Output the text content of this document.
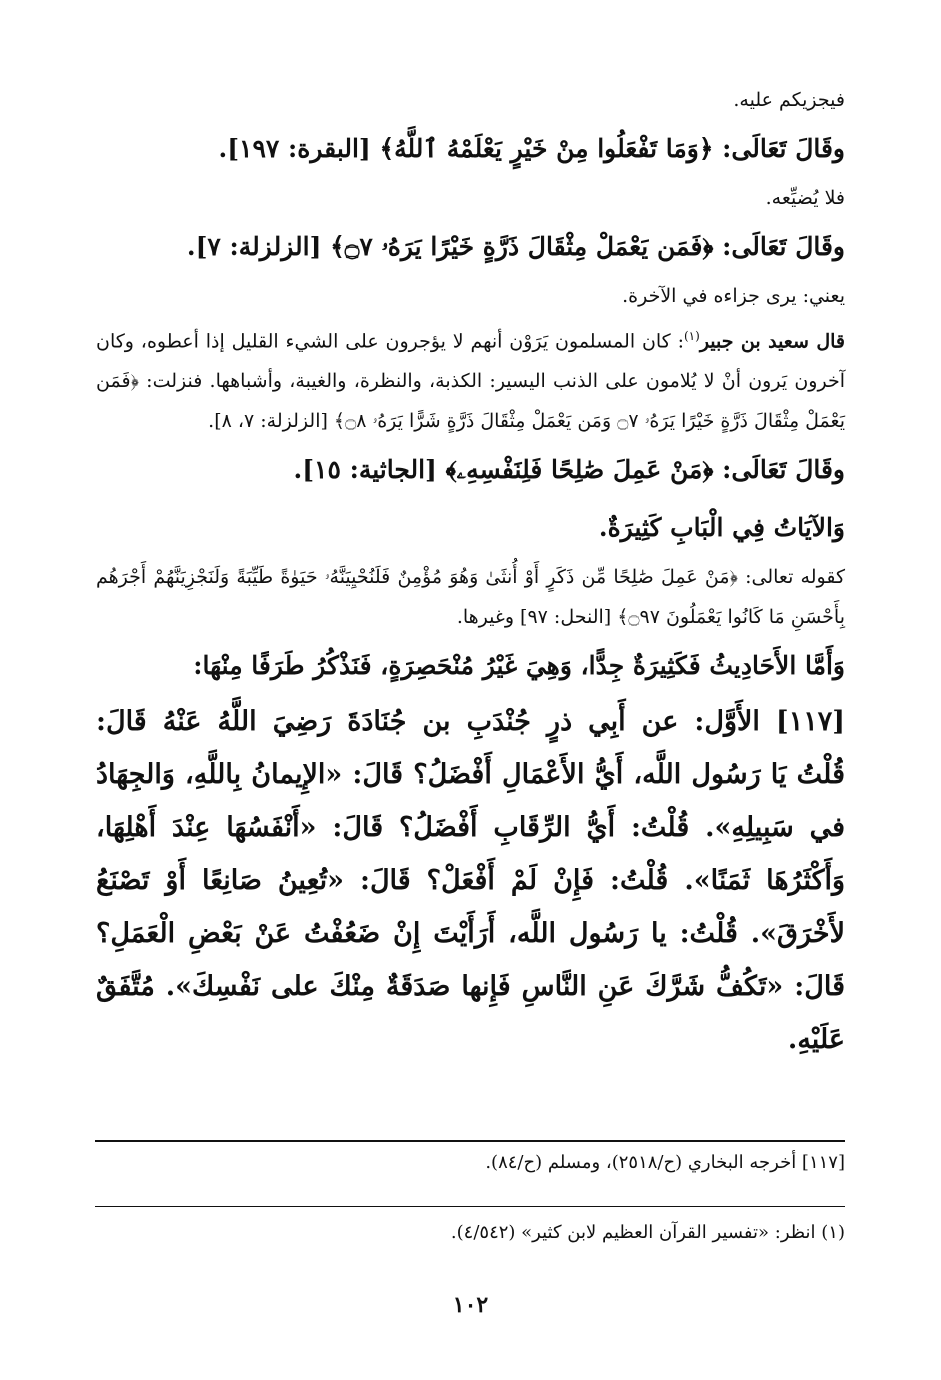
فيجزيكم عليه.

وقَالَ تَعَالَى: ﴿وَمَا تَفْعَلُوا مِنْ خَيْرٍ يَعْلَمْهُ ٱللَّهُ﴾ [البقرة: ١٩٧].

فلا يُضيِّعه.

وقَالَ تَعَالَى: ﴿فَمَن يَعْمَلْ مِثْقَالَ ذَرَّةٍ خَيْرًا يَرَهُۥ ۝٧﴾ [الزلزلة: ٧].

يعني: يرى جزاءه في الآخرة.

قال سعيد بن جبير$^{(١)}$: كان المسلمون يَرَوْن أنهم لا يؤجرون على الشيء القليل إذا أعطوه، وكان آخرون يَرون أنْ لا يُلامون على الذنب اليسير: الكذبة، والنظرة، والغيبة، وأشباهها. فنزلت: ﴿فَمَن يَعْمَلْ مِثْقَالَ ذَرَّةٍ خَيْرًا يَرَهُۥ ۝٧ وَمَن يَعْمَلْ مِثْقَالَ ذَرَّةٍ شَرًّا يَرَهُۥ ۝٨﴾ [الزلزلة: ٧، ٨].

وقَالَ تَعَالَى: ﴿مَنْ عَمِلَ صَٰلِحًا فَلِنَفْسِهِۦ﴾ [الجاثية: ١٥].

وَالآيَاتُ فِي الْبَابِ كَثِيرَةٌ.

كقوله تعالى: ﴿مَنْ عَمِلَ صَٰلِحًا مِّن ذَكَرٍ أَوْ أُنثَىٰ وَهُوَ مُؤْمِنٌ فَلَنُحْيِيَنَّهُۥ حَيَوٰةً طَيِّبَةً وَلَنَجْزِيَنَّهُمْ أَجْرَهُم بِأَحْسَنِ مَا كَانُوا يَعْمَلُونَ ۝٩٧﴾ [النحل: ٩٧] وغيرها.

وَأَمَّا الأَحَادِيثُ فَكَثِيرَةٌ جِدًّا، وَهِيَ غَيْرُ مُنْحَصِرَةٍ، فَنَذْكُرُ طَرَفًا مِنْهَا:

[١١٧] الأَوَّل: عن أَبِي ذرٍ جُنْدَبِ بن جُنَادَةَ رَضِيَ اللَّهُ عَنْهُ قَالَ:

قُلْتُ يَا رَسُول اللَّه، أَيُّ الأَعْمَالِ أَفْضَلُ؟ قَالَ: «الإِيمانُ بِاللَّهِ، وَالجِهَادُ

في سَبِيلِهِ». قُلْتُ: أَيُّ الرِّقَابِ أَفْضَلُ؟ قَالَ: «أَنْفَسُهَا عِنْدَ أَهْلِهَا،

وَأَكْثَرُهَا ثَمَنًا». قُلْتُ: فَإِنْ لَمْ أَفْعَلْ؟ قَالَ: «تُعِينُ صَانِعًا أَوْ تَصْنَعُ

لأَخْرَقَ». قُلْتُ: يا رَسُول اللَّه، أَرَأَيْتَ إِنْ ضَعُفْتُ عَنْ بَعْضِ الْعَمَلِ؟

قَالَ: «تَكُفُّ شَرَّكَ عَنِ النَّاسِ فَإِنها صَدَقَةٌ مِنْكَ على نَفْسِكَ». مُتَّفَقٌ عَلَيْهِ.

[١١٧] أخرجه البخاري (ح/٢٥١٨)، ومسلم (ح/٨٤).

(١) انظر: «تفسير القرآن العظيم لابن كثير» (٤/٥٤٢).

١٠٢
